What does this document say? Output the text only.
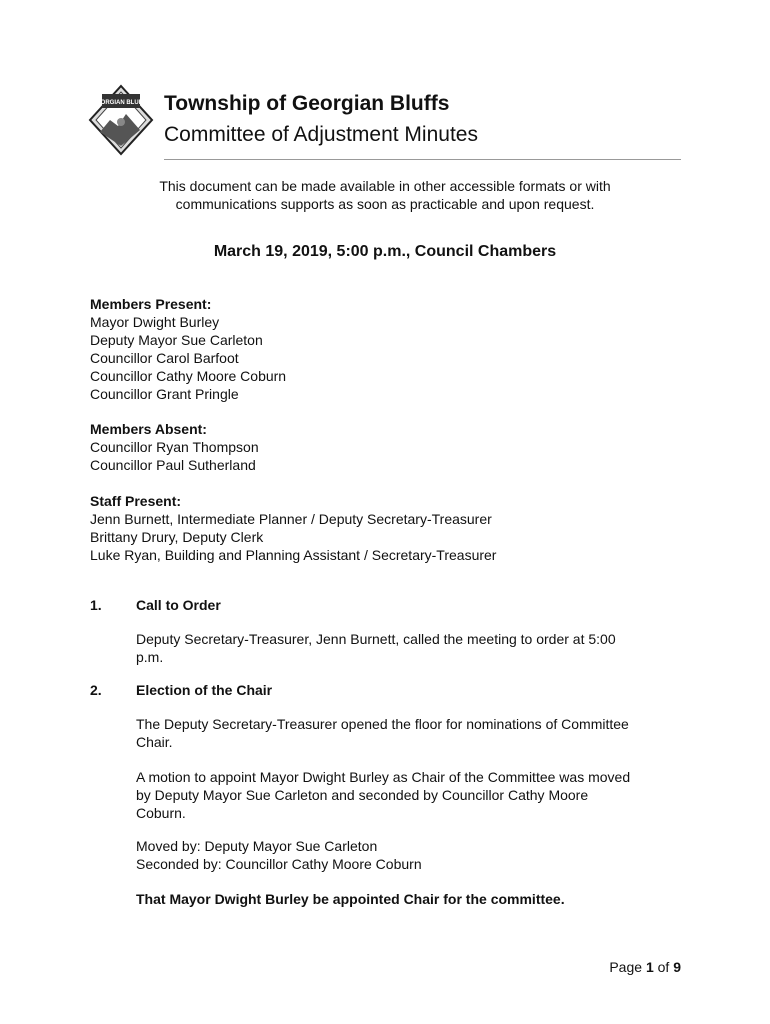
GEORGIAN BLUFFS Township of Georgian Bluffs
Committee of Adjustment Minutes
This document can be made available in other accessible formats or with
communications supports as soon as practicable and upon request.
March 19, 2019, 5:00 p.m., Council Chambers
Members Present:
Mayor Dwight Burley
Deputy Mayor Sue Carleton
Councillor Carol Barfoot
Councillor Cathy Moore Coburn
Councillor Grant Pringle
Members Absent:
Councillor Ryan Thompson
Councillor Paul Sutherland
Staff Present:
Jenn Burnett, Intermediate Planner / Deputy Secretary-Treasurer
Brittany Drury, Deputy Clerk
Luke Ryan, Building and Planning Assistant / Secretary-Treasurer
1. Call to Order
Deputy Secretary-Treasurer, Jenn Burnett, called the meeting to order at 5:00
p.m.
2. Election of the Chair
The Deputy Secretary-Treasurer opened the floor for nominations of Committee
Chair.
A motion to appoint Mayor Dwight Burley as Chair of the Committee was moved
by Deputy Mayor Sue Carleton and seconded by Councillor Cathy Moore
Coburn.
Moved by: Deputy Mayor Sue Carleton
Seconded by: Councillor Cathy Moore Coburn
That Mayor Dwight Burley be appointed Chair for the committee.
Page 1 of 9
